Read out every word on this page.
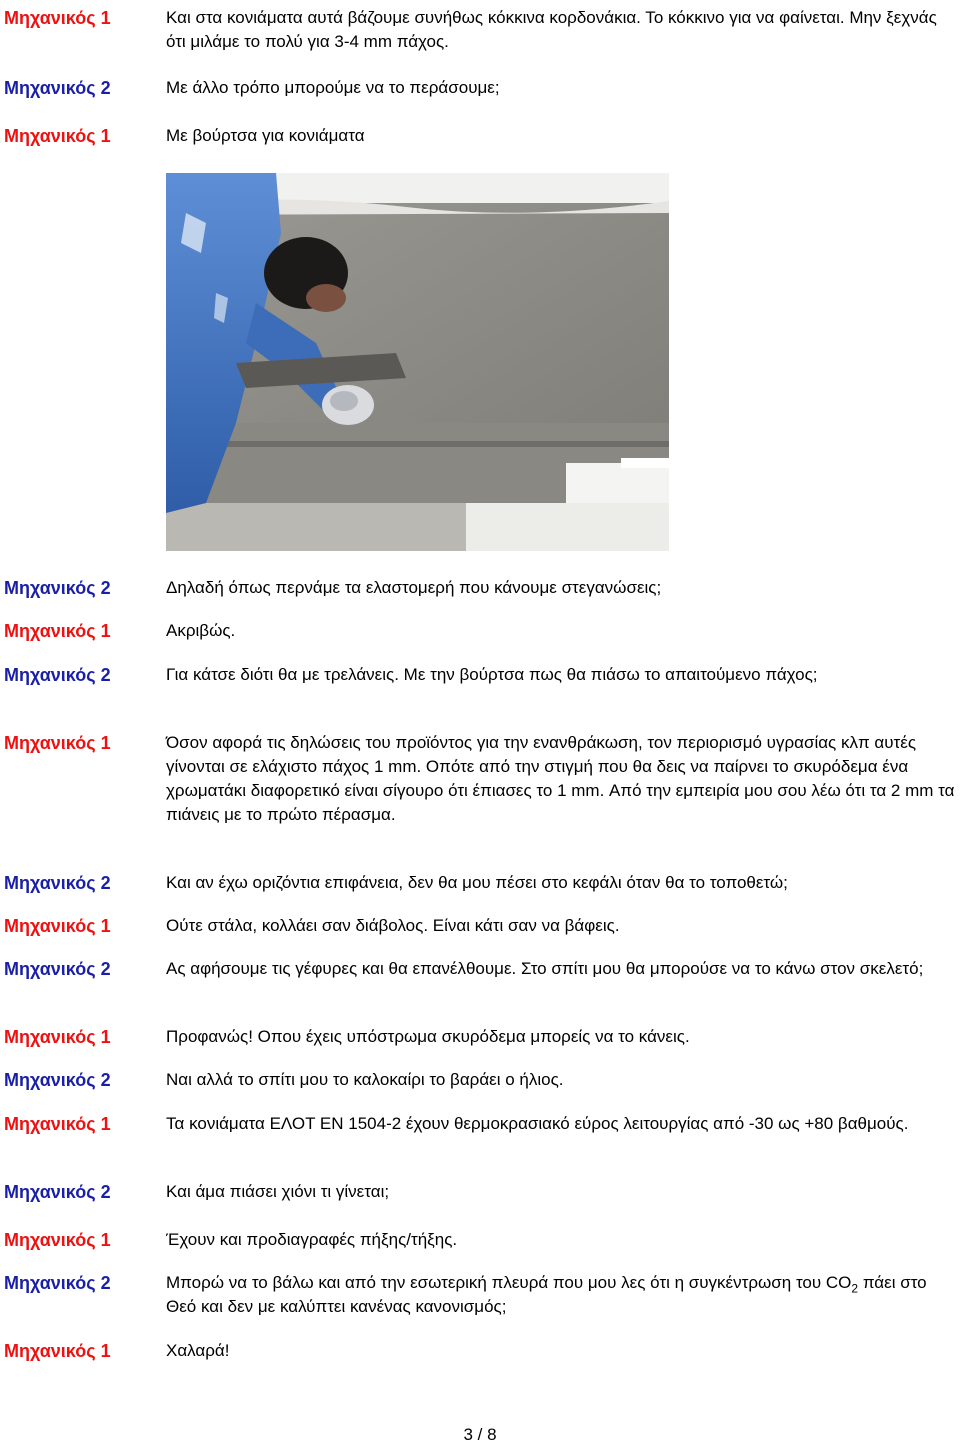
Μηχανικός 1	Και στα κονιάματα αυτά βάζουμε συνήθως κόκκινα κορδονάκια. Το κόκκινο για να φαίνεται. Μην ξεχνάς ότι μιλάμε το πολύ για 3-4 mm πάχος.
Μηχανικός 2	Με άλλο τρόπο μπορούμε να το περάσουμε;
Μηχανικός 1	Με βούρτσα για κονιάματα
Μηχανικός 2	Δηλαδή όπως περνάμε τα ελαστομερή που κάνουμε στεγανώσεις;
Μηχανικός 1	Ακριβώς.
Μηχανικός 2	Για κάτσε διότι θα με τρελάνεις. Με την βούρτσα πως θα πιάσω το απαιτούμενο πάχος;
Μηχανικός 1	Όσον αφορά τις δηλώσεις του προϊόντος για την ενανθράκωση, τον περιορισμό υγρασίας κλπ αυτές γίνονται σε ελάχιστο πάχος 1 mm. Οπότε από την στιγμή που θα δεις να παίρνει το σκυρόδεμα ένα χρωματάκι διαφορετικό είναι σίγουρο ότι έπιασες το 1 mm. Από την εμπειρία μου σου λέω ότι τα 2 mm τα πιάνεις με το πρώτο πέρασμα.
Μηχανικός 2	Και αν έχω οριζόντια επιφάνεια, δεν θα μου πέσει στο κεφάλι όταν θα το τοποθετώ;
Μηχανικός 1	Ούτε στάλα, κολλάει σαν διάβολος. Είναι κάτι σαν να βάφεις.
Μηχανικός 2	Ας αφήσουμε τις γέφυρες και θα επανέλθουμε. Στο σπίτι μου θα μπορούσε να το κάνω στον σκελετό;
Μηχανικός 1	Προφανώς! Οπου έχεις υπόστρωμα σκυρόδεμα μπορείς να το κάνεις.
Μηχανικός 2	Ναι αλλά το σπίτι μου το καλοκαίρι το βαράει ο ήλιος.
Μηχανικός 1	Τα κονιάματα ΕΛΟΤ ΕΝ 1504-2 έχουν θερμοκρασιακό εύρος λειτουργίας από -30 ως +80 βαθμούς.
Μηχανικός 2	Και άμα πιάσει χιόνι τι γίνεται;
Μηχανικός 1	Έχουν και προδιαγραφές πήξης/τήξης.
Μηχανικός 2	Μπορώ να το βάλω και από την εσωτερική πλευρά που μου λες ότι η συγκέντρωση του $CO_2$ πάει στο Θεό και δεν με καλύπτει κανένας κανονισμός;
Μηχανικός 1	Χαλαρά!
3 / 8
